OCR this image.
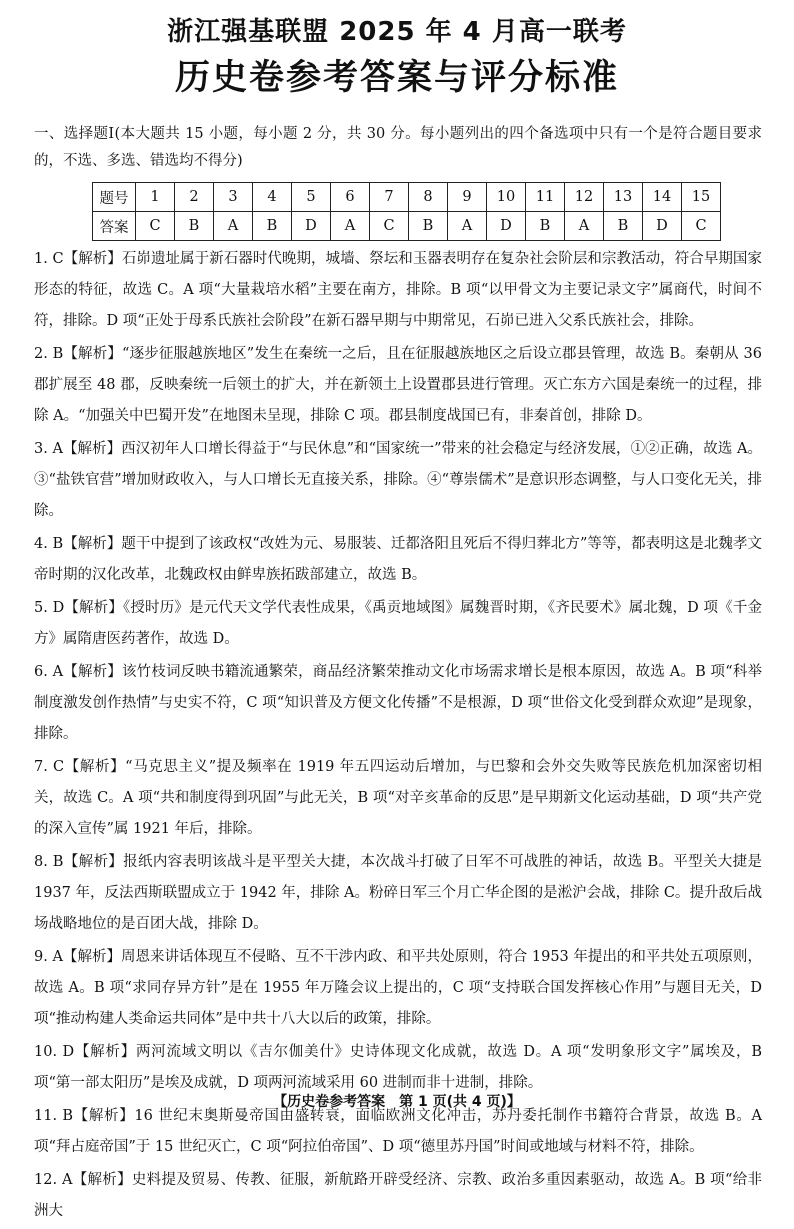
浙江强基联盟 2025 年 4 月高一联考
历史卷参考答案与评分标准
一、选择题Ⅰ(本大题共 15 小题，每小题 2 分，共 30 分。每小题列出的四个备选项中只有一个是符合题目要求的，不选、多选、错选均不得分)
题号	1	2	3	4	5	6	7	8	9	10	11	12	13	14	15
答案	C	B	A	B	D	A	C	B	A	D	B	A	B	D	C

1. C【解析】石峁遗址属于新石器时代晚期，城墙、祭坛和玉器表明存在复杂社会阶层和宗教活动，符合早期国家形态的特征，故选 C。A 项“大量栽培水稻”主要在南方，排除。B 项“以甲骨文为主要记录文字”属商代，时间不符，排除。D 项“正处于母系氏族社会阶段”在新石器早期与中期常见，石峁已进入父系氏族社会，排除。

2. B【解析】“逐步征服越族地区”发生在秦统一之后，且在征服越族地区之后设立郡县管理，故选 B。秦朝从 36 郡扩展至 48 郡，反映秦统一后领土的扩大，并在新领土上设置郡县进行管理。灭亡东方六国是秦统一的过程，排除 A。“加强关中巴蜀开发”在地图未呈现，排除 C 项。郡县制度战国已有，非秦首创，排除 D。

3. A【解析】西汉初年人口增长得益于“与民休息”和“国家统一”带来的社会稳定与经济发展，①②正确，故选 A。③“盐铁官营”增加财政收入，与人口增长无直接关系，排除。④“尊崇儒术”是意识形态调整，与人口变化无关，排除。

4. B【解析】题干中提到了该政权“改姓为元、易服装、迁都洛阳且死后不得归葬北方”等等，都表明这是北魏孝文帝时期的汉化改革，北魏政权由鲜卑族拓跋部建立，故选 B。

5. D【解析】《授时历》是元代天文学代表性成果，《禹贡地域图》属魏晋时期，《齐民要术》属北魏，D 项《千金方》属隋唐医药著作，故选 D。

6. A【解析】该竹枝词反映书籍流通繁荣，商品经济繁荣推动文化市场需求增长是根本原因，故选 A。B 项“科举制度激发创作热情”与史实不符，C 项“知识普及方便文化传播”不是根源，D 项“世俗文化受到群众欢迎”是现象，排除。

7. C【解析】“马克思主义”提及频率在 1919 年五四运动后增加，与巴黎和会外交失败等民族危机加深密切相关，故选 C。A 项“共和制度得到巩固”与此无关，B 项“对辛亥革命的反思”是早期新文化运动基础，D 项“共产党的深入宣传”属 1921 年后，排除。

8. B【解析】报纸内容表明该战斗是平型关大捷，本次战斗打破了日军不可战胜的神话，故选 B。平型关大捷是 1937 年，反法西斯联盟成立于 1942 年，排除 A。粉碎日军三个月亡华企图的是淞沪会战，排除 C。提升敌后战场战略地位的是百团大战，排除 D。

9. A【解析】周恩来讲话体现互不侵略、互不干涉内政、和平共处原则，符合 1953 年提出的和平共处五项原则，故选 A。B 项“求同存异方针”是在 1955 年万隆会议上提出的，C 项“支持联合国发挥核心作用”与题目无关，D 项“推动构建人类命运共同体”是中共十八大以后的政策，排除。

10. D【解析】两河流域文明以《吉尔伽美什》史诗体现文化成就，故选 D。A 项“发明象形文字”属埃及，B 项“第一部太阳历”是埃及成就，D 项两河流域采用 60 进制而非十进制，排除。

11. B【解析】16 世纪末奥斯曼帝国由盛转衰，面临欧洲文化冲击，苏丹委托制作书籍符合背景，故选 B。A 项“拜占庭帝国”于 15 世纪灭亡，C 项“阿拉伯帝国”、D 项“德里苏丹国”时间或地域与材料不符，排除。

12. A【解析】史料提及贸易、传教、征服，新航路开辟受经济、宗教、政治多重因素驱动，故选 A。B 项“给非洲大

【历史卷参考答案　第 1 页(共 4 页)】
